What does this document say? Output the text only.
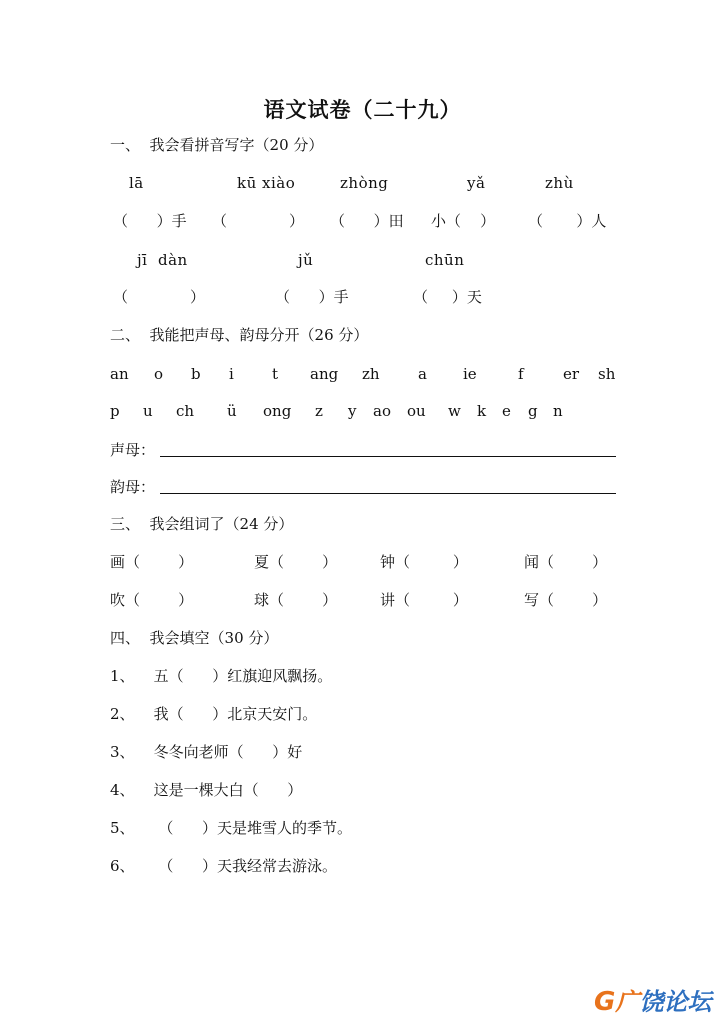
语文试卷（二十九）
一、  我会看拼音写字（20 分）
lā	kū xiào	zhòng	yǎ	zhù
（      ）手 （             ） （      ）田 小（    ） （       ）人
jī  dàn	jǔ	chūn
（             ）	（      ）手	（     ）天
二、  我能把声母、韵母分开（26 分）
an o b i	t ang zh	a ie	f	er sh
p u ch ü ong z y ao ou w k e g n
声母：
韵母：
三、  我会组词了（24 分）
画（        ）	夏（        ）	钟（         ）	闻（        ）
吹（        ）	球（        ）	讲（         ）	写（        ）
四、  我会填空（30 分）
1、    五（      ）红旗迎风飘扬。
2、    我（      ）北京天安门。
3、    冬冬向老师（      ）好
4、    这是一棵大白（      ）
5、     （      ）天是堆雪人的季节。
6、     （      ）天我经常去游泳。
G广饶论坛
